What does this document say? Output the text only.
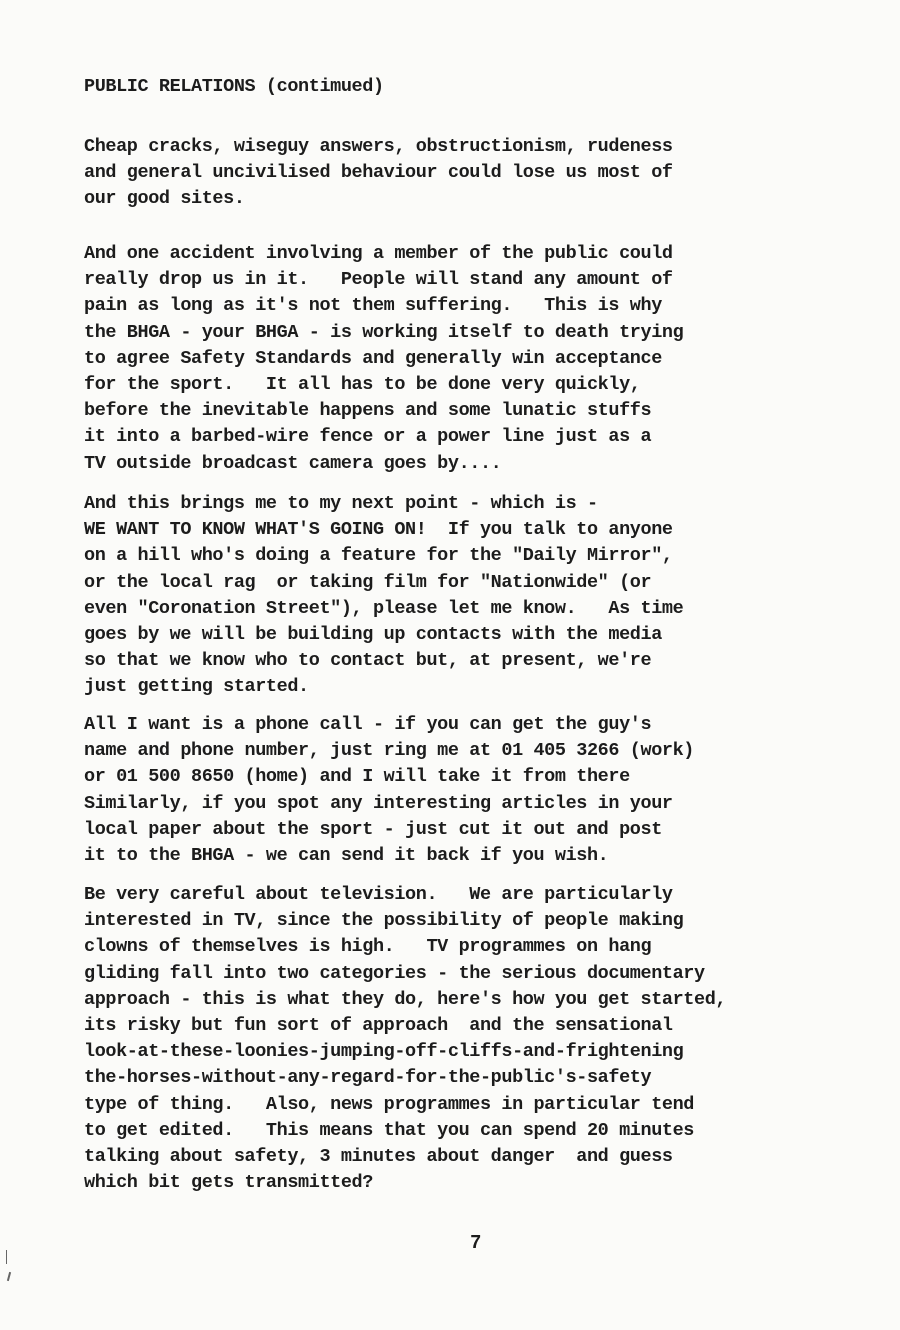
PUBLIC RELATIONS (contimued)
Cheap cracks, wiseguy answers, obstructionism, rudeness
and general uncivilised behaviour could lose us most of
our good sites.
And one accident involving a member of the public could
really drop us in it.   People will stand any amount of
pain as long as it's not them suffering.   This is why
the BHGA - your BHGA - is working itself to death trying
to agree Safety Standards and generally win acceptance
for the sport.   It all has to be done very quickly,
before the inevitable happens and some lunatic stuffs
it into a barbed-wire fence or a power line just as a
TV outside broadcast camera goes by....
And this brings me to my next point - which is -
WE WANT TO KNOW WHAT'S GOING ON!  If you talk to anyone
on a hill who's doing a feature for the "Daily Mirror",
or the local rag  or taking film for "Nationwide" (or
even "Coronation Street"), please let me know.   As time
goes by we will be building up contacts with the media
so that we know who to contact but, at present, we're
just getting started.
All I want is a phone call - if you can get the guy's
name and phone number, just ring me at 01 405 3266 (work)
or 01 500 8650 (home) and I will take it from there
Similarly, if you spot any interesting articles in your
local paper about the sport - just cut it out and post
it to the BHGA - we can send it back if you wish.
Be very careful about television.   We are particularly
interested in TV, since the possibility of people making
clowns of themselves is high.   TV programmes on hang
gliding fall into two categories - the serious documentary
approach - this is what they do, here's how you get started,
its risky but fun sort of approach  and the sensational
look-at-these-loonies-jumping-off-cliffs-and-frightening
the-horses-without-any-regard-for-the-public's-safety
type of thing.   Also, news programmes in particular tend
to get edited.   This means that you can spend 20 minutes
talking about safety, 3 minutes about danger  and guess
which bit gets transmitted?
7
